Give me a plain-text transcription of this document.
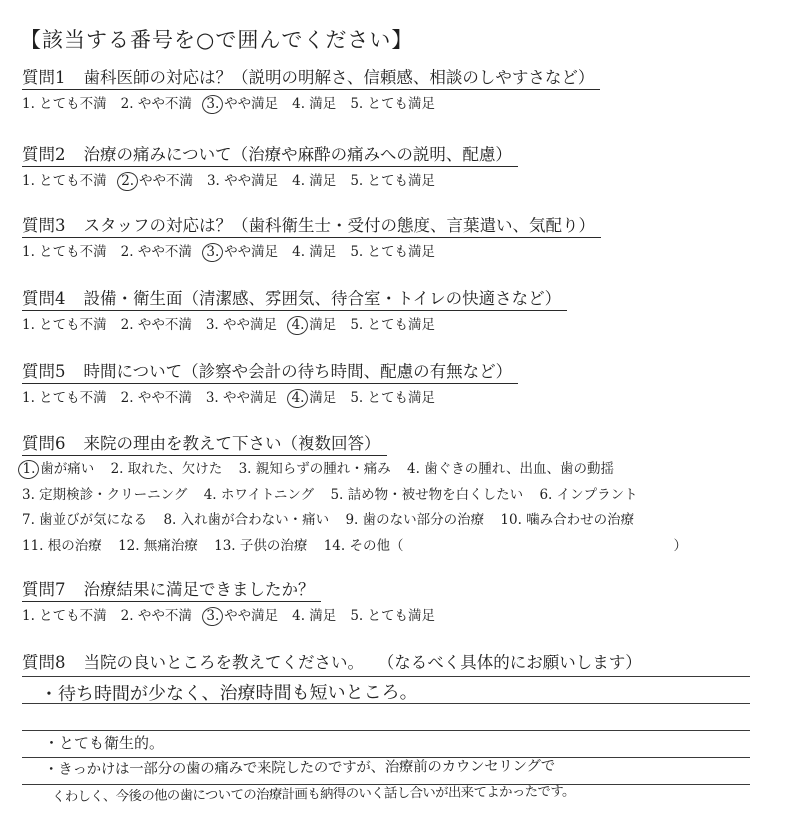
【該当する番号を○で囲んでください】
質問1 歯科医師の対応は？（説明の明解さ、信頼感、相談のしやすさなど）
1. とても不満 2. やや不満 3. やや満足 4. 満足 5. とても満足
質問2 治療の痛みについて（治療や麻酔の痛みへの説明、配慮）
1. とても不満 2. やや不満 3. やや満足 4. 満足 5. とても満足
質問3 スタッフの対応は？（歯科衛生士・受付の態度、言葉遣い、気配り）
1. とても不満 2. やや不満 3. やや満足 4. 満足 5. とても満足
質問4 設備・衛生面（清潔感、雰囲気、待合室・トイレの快適さなど）
1. とても不満 2. やや不満 3. やや満足 4. 満足 5. とても満足
質問5 時間について（診察や会計の待ち時間、配慮の有無など）
1. とても不満 2. やや不満 3. やや満足 4. 満足 5. とても満足
質問6 来院の理由を教えて下さい（複数回答）
1. 歯が痛い 2. 取れた、欠けた 3. 親知らずの腫れ・痛み 4. 歯ぐきの腫れ、出血、歯の動揺
3. 定期検診・クリーニング 4. ホワイトニング 5. 詰め物・被せ物を白くしたい 6. インプラント
7. 歯並びが気になる 8. 入れ歯が合わない・痛い 9. 歯のない部分の治療 10. 噛み合わせの治療
11. 根の治療 12. 無痛治療 13. 子供の治療 14. その他（	）
質問7 治療結果に満足できましたか？
1. とても不満 2. やや不満 3. やや満足 4. 満足 5. とても満足
質問8 当院の良いところを教えてください。 （なるべく具体的にお願いします）
・待ち時間が少なく、治療時間も短いところ。
・とても衛生的。
・きっかけは一部分の歯の痛みで来院したのですが、治療前のカウンセリングで
くわしく、今後の他の歯についての治療計画も納得のいく話し合いが出来てよかったです。
